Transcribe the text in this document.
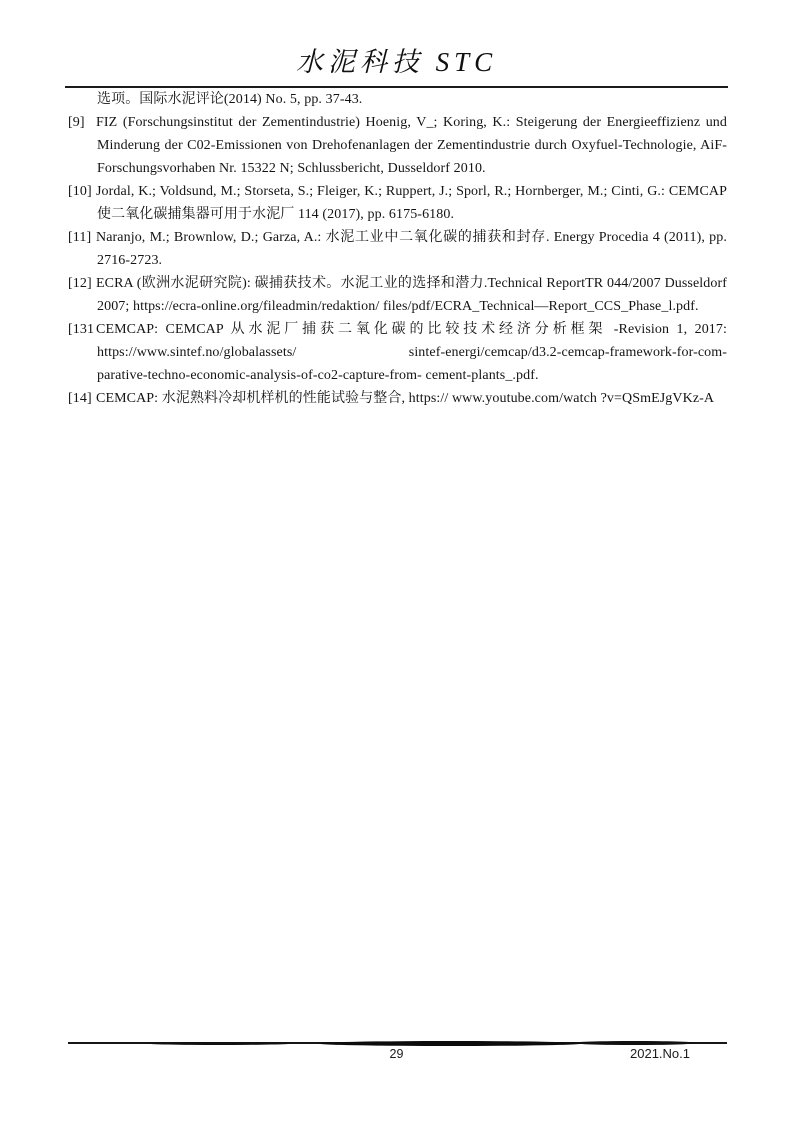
水泥科技 STC
选项。国际水泥评论(2014) No. 5, pp. 37-43.
[9] FIZ (Forschungsinstitut der Zementindustrie) Hoenig, V_; Koring, K.: Steigerung der Energieeffizienz und
Minderung der C02-Emissionen von Drehofenanlagen der Zementindustrie durch Oxyfuel-Technologie, AiF-
Forschungsvorhaben Nr. 15322 N; Schlussbericht, Dusseldorf 2010.
[10] Jordal, K.; Voldsund, M.; Storseta, S.; Fleiger, K.; Ruppert, J.; Sporl, R.; Hornberger, M.; Cinti, G.: CEMCAP
使二氧化碳捕集器可用于水泥厂 114 (2017), pp. 6175-6180.
[11] Naranjo, M.; Brownlow, D.; Garza, A.: 水泥工业中二氧化碳的捕获和封存. Energy Procedia 4 (2011), pp.
2716-2723.
[12] ECRA (欧洲水泥研究院): 碳捕获技术。水泥工业的选择和潜力.Technical ReportTR 044/2007 Dusseldorf
2007; https://ecra-online.org/fileadmin/redaktion/ files/pdf/ECRA_Technical—Report_CCS_Phase_l.pdf.
[131 CEMCAP: CEMCAP 从水泥厂捕获二氧化碳的比较技术经济分析框架 -Revision 1, 2017:
https://www.sintef.no/globalassets/	sintef-energi/cemcap/d3.2-cemcap-framework-for-com-
parative-techno-economic-analysis-of-co2-capture-from- cement-plants_.pdf.
[14] CEMCAP: 水泥熟料冷却机样机的性能试验与整合, https:// www.youtube.com/watch ?v=QSmEJgVKz-A
29	2021.No.1
